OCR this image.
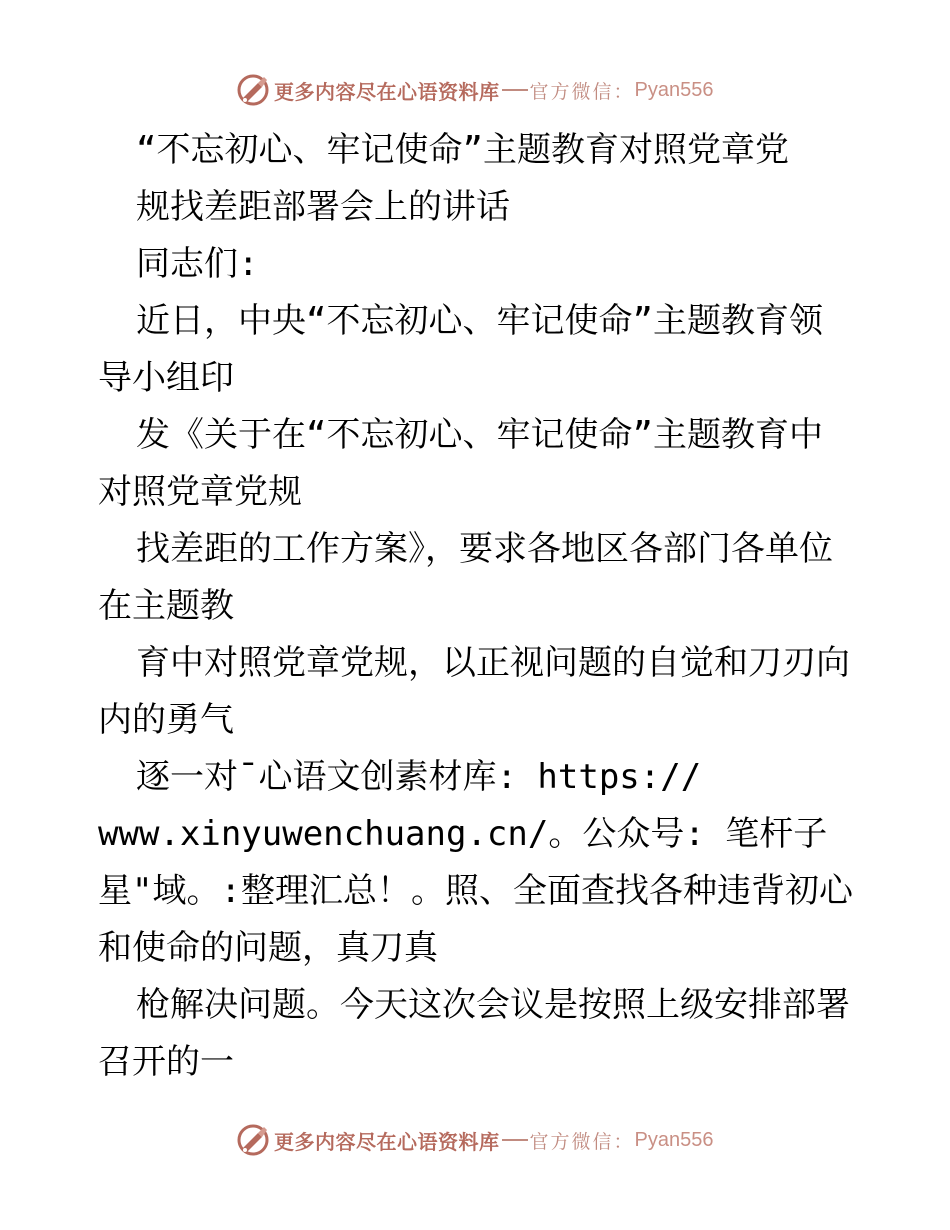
更多内容尽在心语资料库 官方微信： Pyan556
“不忘初心、牢记使命”主题教育对照党章党
规找差距部署会上的讲话
同志们:
近日，中央“不忘初心、牢记使命”主题教育领
导小组印
发《关于在“不忘初心、牢记使命”主题教育中
对照党章党规
找差距的工作方案》，要求各地区各部门各单位
在主题教
育中对照党章党规，以正视问题的自觉和刀刃向
内的勇气
逐一对¯心语文创素材库: https://
www.xinyuwenchuang.cn/。公众号: 笔杆子
星"域。:整理汇总！。照、全面查找各种违背初心
和使命的问题，真刀真
枪解决问题。今天这次会议是按照上级安排部署
召开的一
更多内容尽在心语资料库 官方微信： Pyan556
